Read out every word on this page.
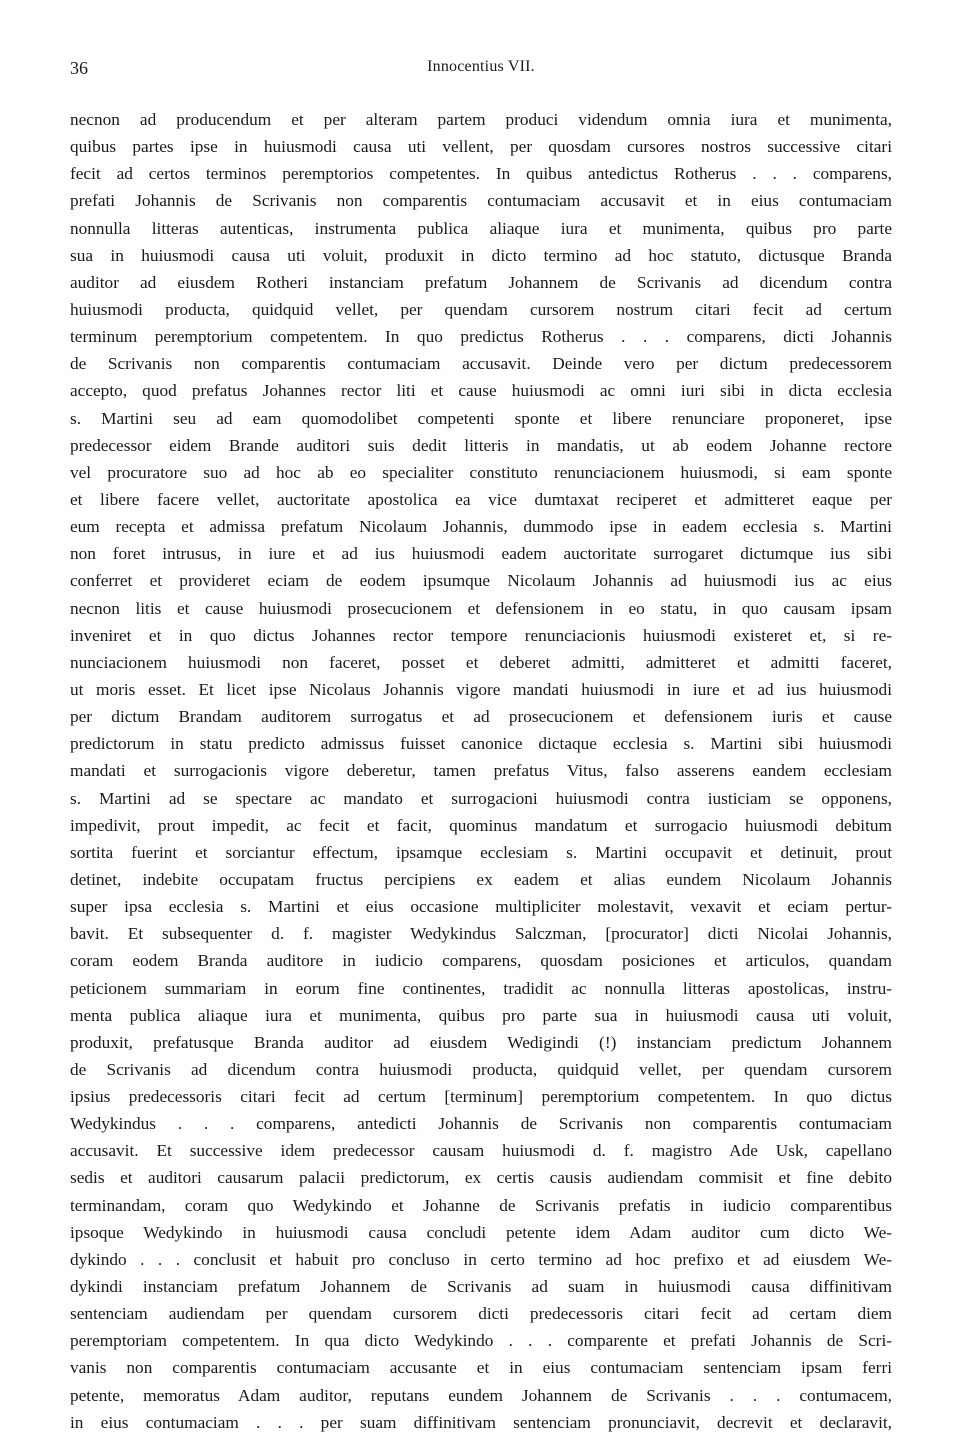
36	Innocentius VII.
necnon ad producendum et per alteram partem produci videndum omnia iura et munimenta,
quibus partes ipse in huiusmodi causa uti vellent, per quosdam cursores nostros successive citari
fecit ad certos terminos peremptorios competentes. In quibus antedictus Rotherus . . . comparens,
prefati Johannis de Scrivanis non comparentis contumaciam accusavit et in eius contumaciam
nonnulla litteras autenticas, instrumenta publica aliaque iura et munimenta, quibus pro parte
sua in huiusmodi causa uti voluit, produxit in dicto termino ad hoc statuto, dictusque Branda
auditor ad eiusdem Rotheri instanciam prefatum Johannem de Scrivanis ad dicendum contra
huiusmodi producta, quidquid vellet, per quendam cursorem nostrum citari fecit ad certum
terminum peremptorium competentem. In quo predictus Rotherus . . . comparens, dicti Johannis
de Scrivanis non comparentis contumaciam accusavit. Deinde vero per dictum predecessorem
accepto, quod prefatus Johannes rector liti et cause huiusmodi ac omni iuri sibi in dicta ecclesia
s. Martini seu ad eam quomodolibet competenti sponte et libere renunciare proponeret, ipse
predecessor eidem Brande auditori suis dedit litteris in mandatis, ut ab eodem Johanne rectore
vel procuratore suo ad hoc ab eo specialiter constituto renunciacionem huiusmodi, si eam sponte
et libere facere vellet, auctoritate apostolica ea vice dumtaxat reciperet et admitteret eaque per
eum recepta et admissa prefatum Nicolaum Johannis, dummodo ipse in eadem ecclesia s. Martini
non foret intrusus, in iure et ad ius huiusmodi eadem auctoritate surrogaret dictumque ius sibi
conferret et provideret eciam de eodem ipsumque Nicolaum Johannis ad huiusmodi ius ac eius
necnon litis et cause huiusmodi prosecucionem et defensionem in eo statu, in quo causam ipsam
inveniret et in quo dictus Johannes rector tempore renunciacionis huiusmodi existeret et, si re-
nunciacionem huiusmodi non faceret, posset et deberet admitti, admitteret et admitti faceret,
ut moris esset. Et licet ipse Nicolaus Johannis vigore mandati huiusmodi in iure et ad ius huiusmodi
per dictum Brandam auditorem surrogatus et ad prosecucionem et defensionem iuris et cause
predictorum in statu predicto admissus fuisset canonice dictaque ecclesia s. Martini sibi huiusmodi
mandati et surrogacionis vigore deberetur, tamen prefatus Vitus, falso asserens eandem ecclesiam
s. Martini ad se spectare ac mandato et surrogacioni huiusmodi contra iusticiam se opponens,
impedivit, prout impedit, ac fecit et facit, quominus mandatum et surrogacio huiusmodi debitum
sortita fuerint et sorciantur effectum, ipsamque ecclesiam s. Martini occupavit et detinuit, prout
detinet, indebite occupatam fructus percipiens ex eadem et alias eundem Nicolaum Johannis
super ipsa ecclesia s. Martini et eius occasione multipliciter molestavit, vexavit et eciam pertur-
bavit. Et subsequenter d. f. magister Wedykindus Salczman, [procurator] dicti Nicolai Johannis,
coram eodem Branda auditore in iudicio comparens, quosdam posiciones et articulos, quandam
peticionem summariam in eorum fine continentes, tradidit ac nonnulla litteras apostolicas, instru-
menta publica aliaque iura et munimenta, quibus pro parte sua in huiusmodi causa uti voluit,
produxit, prefatusque Branda auditor ad eiusdem Wedigindi (!) instanciam predictum Johannem
de Scrivanis ad dicendum contra huiusmodi producta, quidquid vellet, per quendam cursorem
ipsius predecessoris citari fecit ad certum [terminum] peremptorium competentem. In quo dictus
Wedykindus . . . comparens, antedicti Johannis de Scrivanis non comparentis contumaciam
accusavit. Et successive idem predecessor causam huiusmodi d. f. magistro Ade Usk, capellano
sedis et auditori causarum palacii predictorum, ex certis causis audiendam commisit et fine debito
terminandam, coram quo Wedykindo et Johanne de Scrivanis prefatis in iudicio comparentibus
ipsoque Wedykindo in huiusmodi causa concludi petente idem Adam auditor cum dicto We-
dykindo . . . conclusit et habuit pro concluso in certo termino ad hoc prefixo et ad eiusdem We-
dykindi instanciam prefatum Johannem de Scrivanis ad suam in huiusmodi causa diffinitivam
sentenciam audiendam per quendam cursorem dicti predecessoris citari fecit ad certam diem
peremptoriam competentem. In qua dicto Wedykindo . . . comparente et prefati Johannis de Scri-
vanis non comparentis contumaciam accusante et in eius contumaciam sentenciam ipsam ferri
petente, memoratus Adam auditor, reputans eundem Johannem de Scrivanis . . . contumacem,
in eius contumaciam . . . per suam diffinitivam sentenciam pronunciavit, decrevit et declaravit,
